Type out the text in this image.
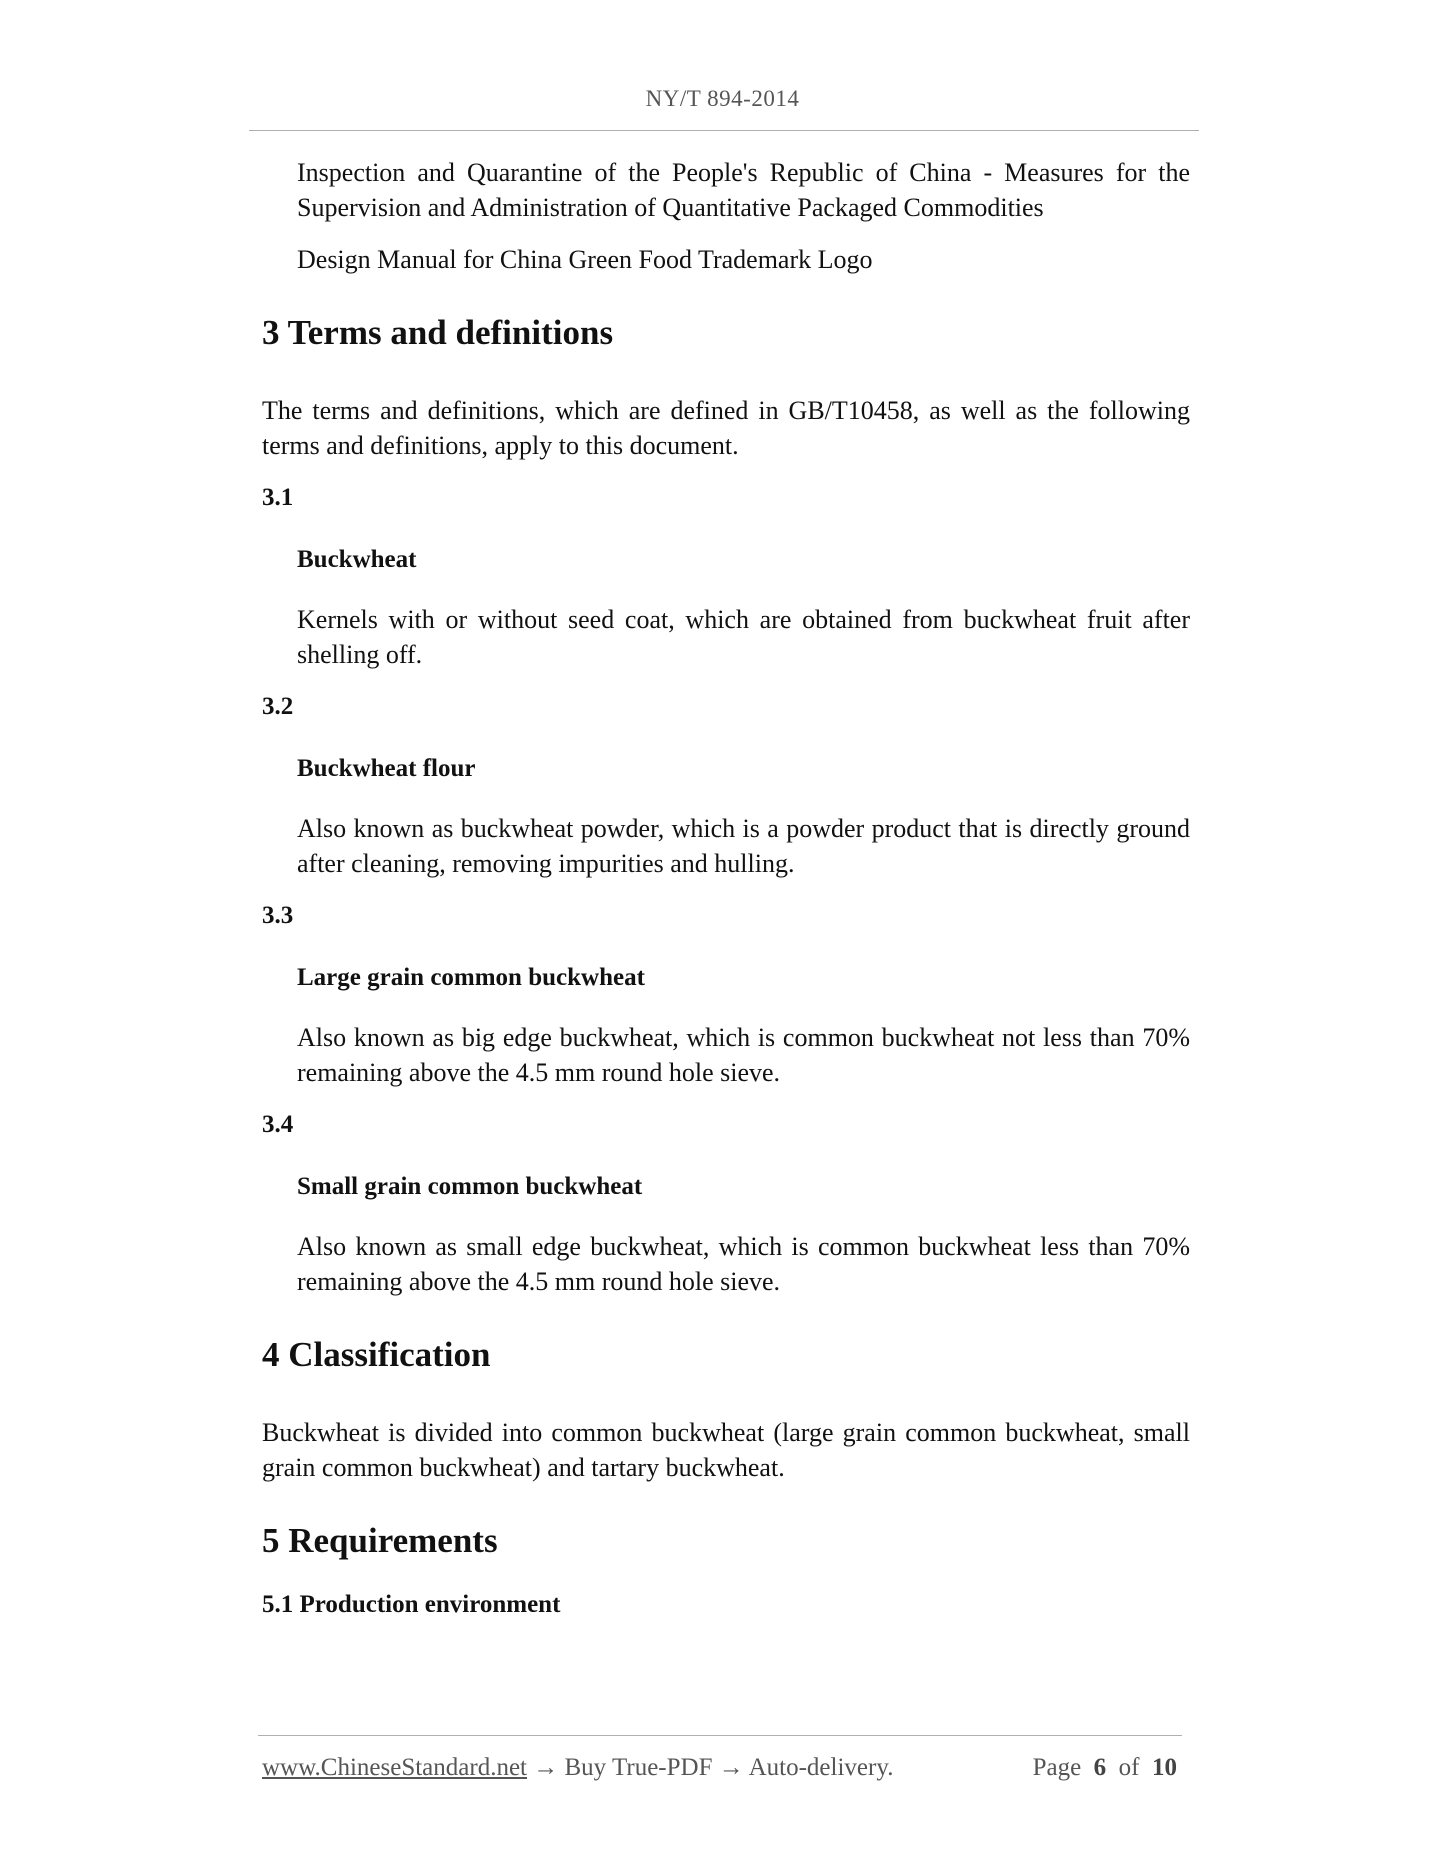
NY/T 894-2014

Inspection and Quarantine of the People's Republic of China - Measures for the Supervision and Administration of Quantitative Packaged Commodities

Design Manual for China Green Food Trademark Logo

3 Terms and definitions

The terms and definitions, which are defined in GB/T10458, as well as the following terms and definitions, apply to this document.

3.1
Buckwheat

Kernels with or without seed coat, which are obtained from buckwheat fruit after shelling off.

3.2
Buckwheat flour

Also known as buckwheat powder, which is a powder product that is directly ground after cleaning, removing impurities and hulling.

3.3
Large grain common buckwheat

Also known as big edge buckwheat, which is common buckwheat not less than 70% remaining above the 4.5 mm round hole sieve.

3.4
Small grain common buckwheat

Also known as small edge buckwheat, which is common buckwheat less than 70% remaining above the 4.5 mm round hole sieve.

4 Classification

Buckwheat is divided into common buckwheat (large grain common buckwheat, small grain common buckwheat) and tartary buckwheat.

5 Requirements
5.1 Production environment
www.ChineseStandard.net → Buy True-PDF → Auto-delivery.	Page 6 of 10
